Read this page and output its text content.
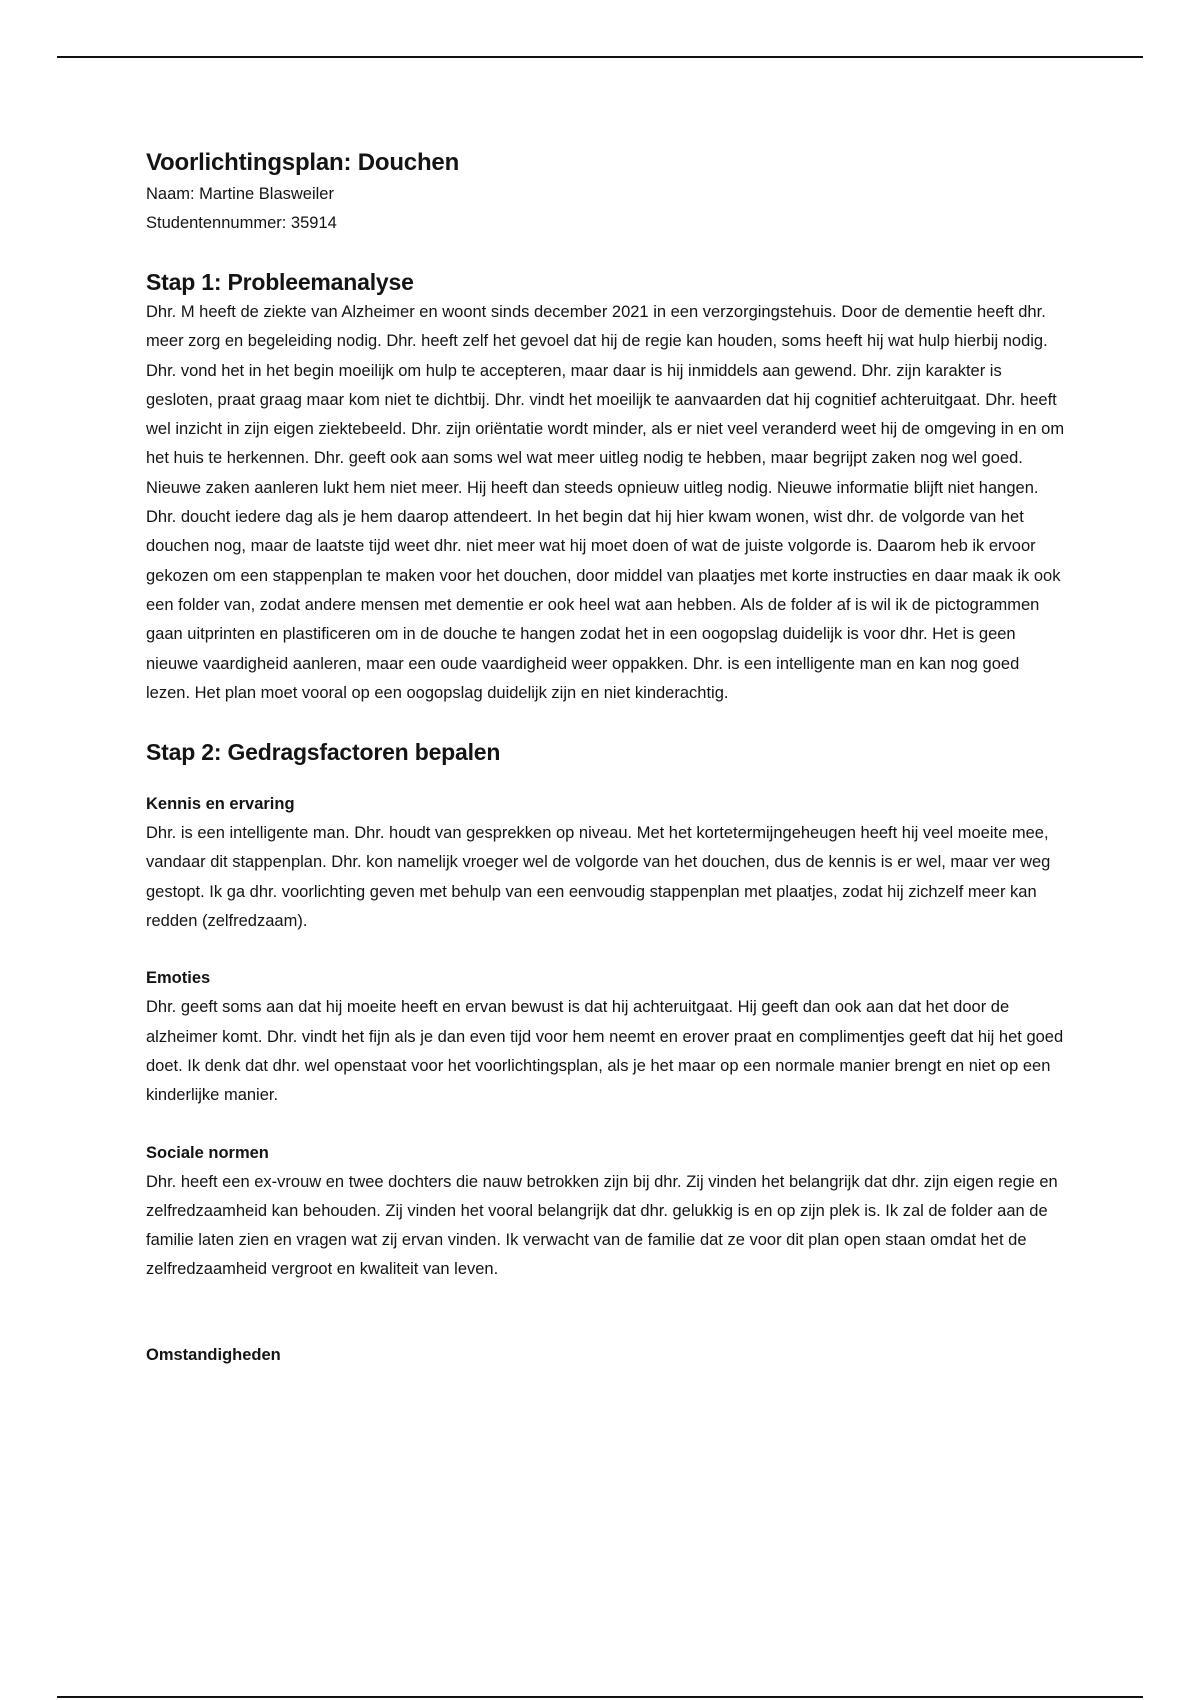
Voorlichtingsplan: Douchen

Naam: Martine Blasweiler

Studentennummer: 35914

Stap 1: Probleemanalyse

Dhr. M heeft de ziekte van Alzheimer en woont sinds december 2021 in een verzorgingstehuis. Door de dementie heeft dhr. meer zorg en begeleiding nodig. Dhr. heeft zelf het gevoel dat hij de regie kan houden, soms heeft hij wat hulp hierbij nodig. Dhr. vond het in het begin moeilijk om hulp te accepteren, maar daar is hij inmiddels aan gewend. Dhr. zijn karakter is gesloten, praat graag maar kom niet te dichtbij. Dhr. vindt het moeilijk te aanvaarden dat hij cognitief achteruitgaat. Dhr. heeft wel inzicht in zijn eigen ziektebeeld. Dhr. zijn oriëntatie wordt minder, als er niet veel veranderd weet hij de omgeving in en om het huis te herkennen. Dhr. geeft ook aan soms wel wat meer uitleg nodig te hebben, maar begrijpt zaken nog wel goed. Nieuwe zaken aanleren lukt hem niet meer. Hij heeft dan steeds opnieuw uitleg nodig. Nieuwe informatie blijft niet hangen.

Dhr. doucht iedere dag als je hem daarop attendeert. In het begin dat hij hier kwam wonen, wist dhr. de volgorde van het douchen nog, maar de laatste tijd weet dhr. niet meer wat hij moet doen of wat de juiste volgorde is. Daarom heb ik ervoor gekozen om een stappenplan te maken voor het douchen, door middel van plaatjes met korte instructies en daar maak ik ook een folder van, zodat andere mensen met dementie er ook heel wat aan hebben. Als de folder af is wil ik de pictogrammen gaan uitprinten en plastificeren om in de douche te hangen zodat het in een oogopslag duidelijk is voor dhr. Het is geen nieuwe vaardigheid aanleren, maar een oude vaardigheid weer oppakken. Dhr. is een intelligente man en kan nog goed lezen. Het plan moet vooral op een oogopslag duidelijk zijn en niet kinderachtig.

Stap 2: Gedragsfactoren bepalen
Kennis en ervaring

Dhr. is een intelligente man. Dhr. houdt van gesprekken op niveau. Met het kortetermijngeheugen heeft hij veel moeite mee, vandaar dit stappenplan. Dhr. kon namelijk vroeger wel de volgorde van het douchen, dus de kennis is er wel, maar ver weg gestopt. Ik ga dhr. voorlichting geven met behulp van een eenvoudig stappenplan met plaatjes, zodat hij zichzelf meer kan redden (zelfredzaam).

Emoties

Dhr. geeft soms aan dat hij moeite heeft en ervan bewust is dat hij achteruitgaat. Hij geeft dan ook aan dat het door de alzheimer komt. Dhr. vindt het fijn als je dan even tijd voor hem neemt en erover praat en complimentjes geeft dat hij het goed doet. Ik denk dat dhr. wel openstaat voor het voorlichtingsplan, als je het maar op een normale manier brengt en niet op een kinderlijke manier.

Sociale normen

Dhr. heeft een ex-vrouw en twee dochters die nauw betrokken zijn bij dhr. Zij vinden het belangrijk dat dhr. zijn eigen regie en zelfredzaamheid kan behouden. Zij vinden het vooral belangrijk dat dhr. gelukkig is en op zijn plek is. Ik zal de folder aan de familie laten zien en vragen wat zij ervan vinden. Ik verwacht van de familie dat ze voor dit plan open staan omdat het de zelfredzaamheid vergroot en kwaliteit van leven.

Omstandigheden
